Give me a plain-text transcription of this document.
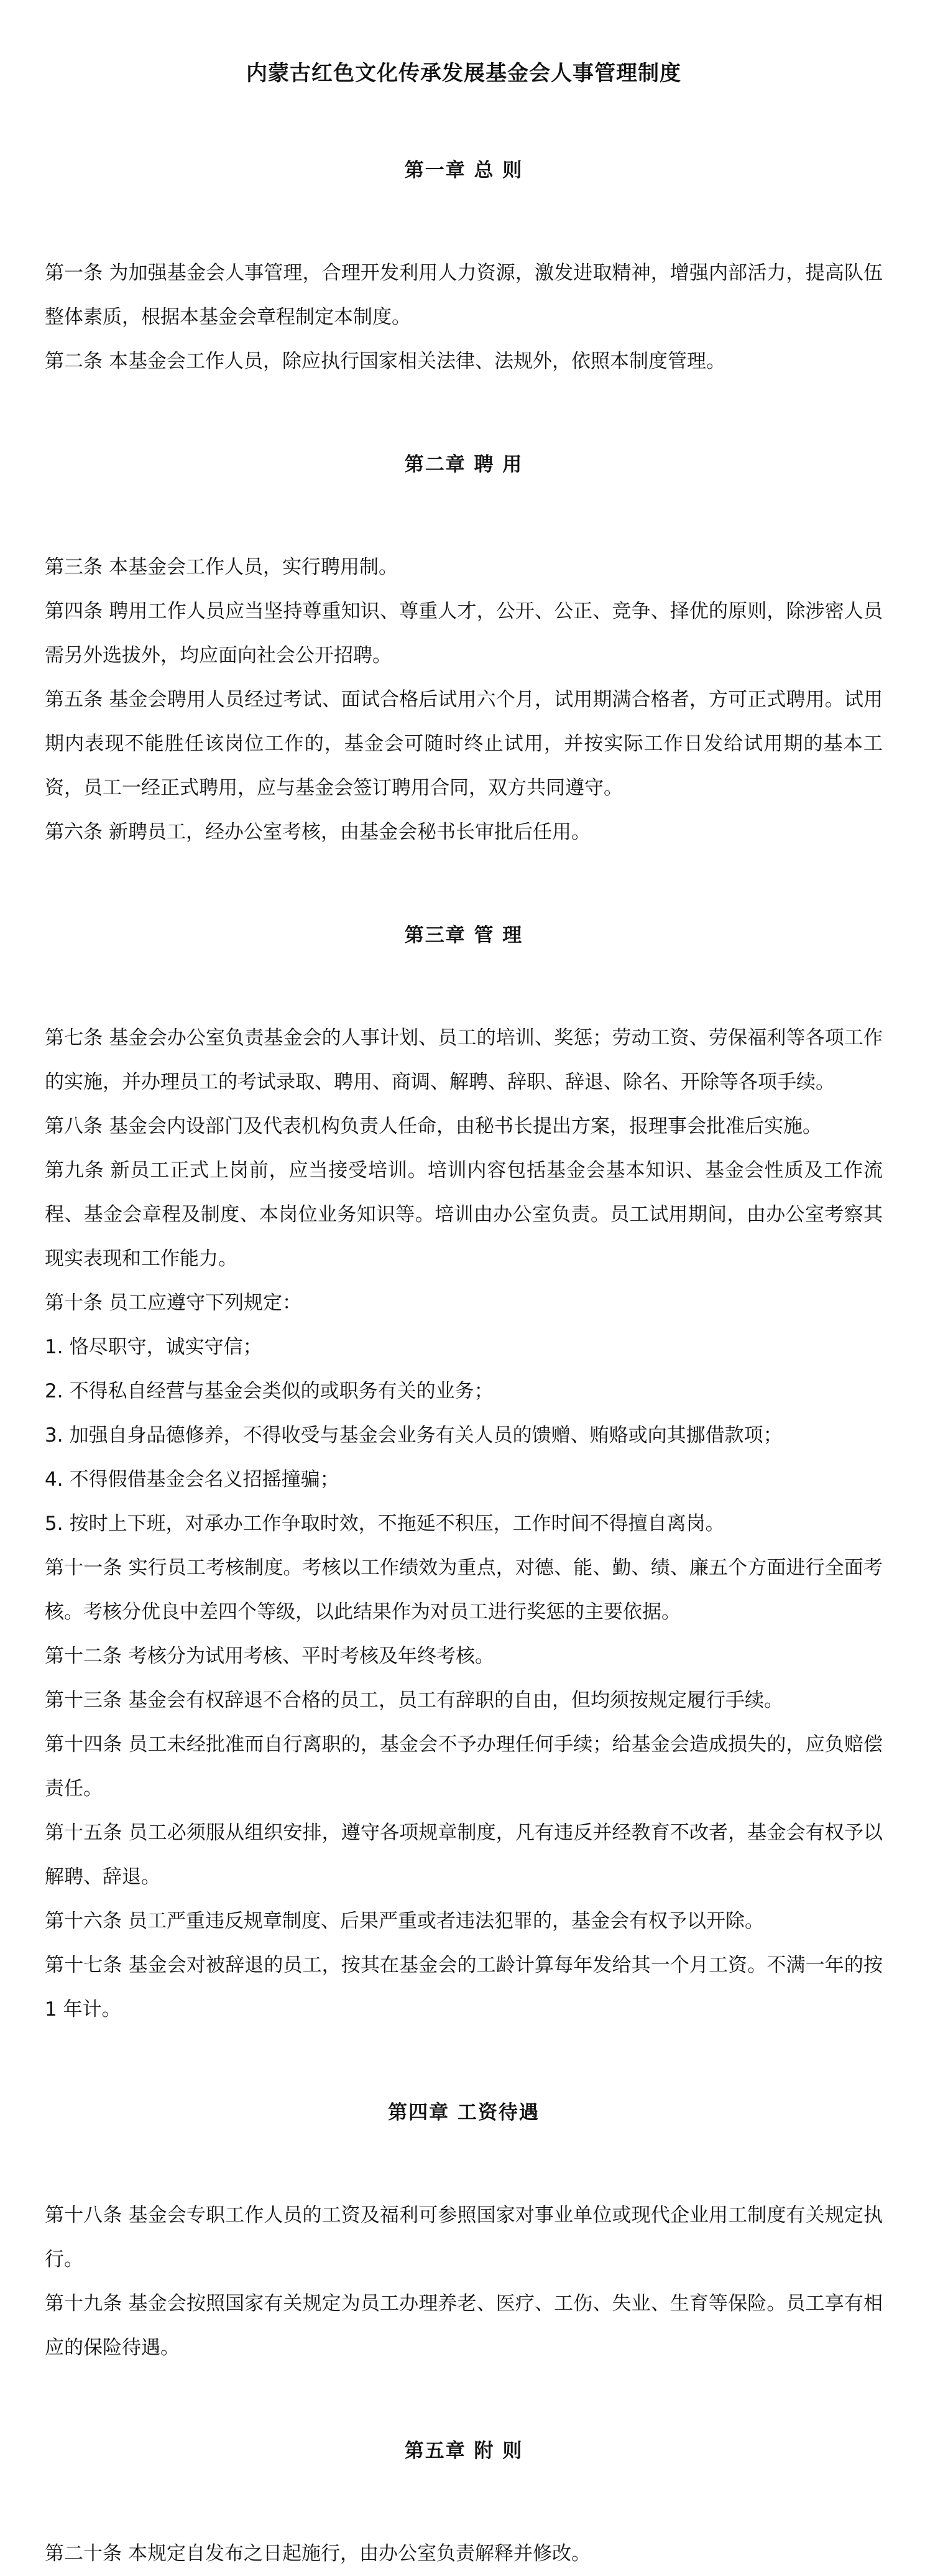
内蒙古红色文化传承发展基金会人事管理制度
第一章 总 则

第一条 为加强基金会人事管理，合理开发利用人力资源，激发进取精神，增强内部活力，提高队伍整体素质，根据本基金会章程制定本制度。

第二条 本基金会工作人员，除应执行国家相关法律、法规外，依照本制度管理。

第二章 聘 用

第三条 本基金会工作人员，实行聘用制。

第四条 聘用工作人员应当坚持尊重知识、尊重人才，公开、公正、竞争、择优的原则，除涉密人员需另外选拔外，均应面向社会公开招聘。

第五条 基金会聘用人员经过考试、面试合格后试用六个月，试用期满合格者，方可正式聘用。试用期内表现不能胜任该岗位工作的，基金会可随时终止试用，并按实际工作日发给试用期的基本工资，员工一经正式聘用，应与基金会签订聘用合同，双方共同遵守。

第六条 新聘员工，经办公室考核，由基金会秘书长审批后任用。

第三章 管 理

第七条 基金会办公室负责基金会的人事计划、员工的培训、奖惩；劳动工资、劳保福利等各项工作的实施，并办理员工的考试录取、聘用、商调、解聘、辞职、辞退、除名、开除等各项手续。

第八条 基金会内设部门及代表机构负责人任命，由秘书长提出方案，报理事会批准后实施。

第九条 新员工正式上岗前，应当接受培训。培训内容包括基金会基本知识、基金会性质及工作流程、基金会章程及制度、本岗位业务知识等。培训由办公室负责。员工试用期间，由办公室考察其现实表现和工作能力。

第十条 员工应遵守下列规定：

1. 恪尽职守，诚实守信；

2. 不得私自经营与基金会类似的或职务有关的业务；

3. 加强自身品德修养，不得收受与基金会业务有关人员的馈赠、贿赂或向其挪借款项；

4. 不得假借基金会名义招摇撞骗；

5. 按时上下班，对承办工作争取时效，不拖延不积压，工作时间不得擅自离岗。

第十一条 实行员工考核制度。考核以工作绩效为重点，对德、能、勤、绩、廉五个方面进行全面考核。考核分优良中差四个等级，以此结果作为对员工进行奖惩的主要依据。

第十二条 考核分为试用考核、平时考核及年终考核。

第十三条 基金会有权辞退不合格的员工，员工有辞职的自由，但均须按规定履行手续。

第十四条 员工未经批准而自行离职的，基金会不予办理任何手续；给基金会造成损失的，应负赔偿责任。

第十五条 员工必须服从组织安排，遵守各项规章制度，凡有违反并经教育不改者，基金会有权予以解聘、辞退。

第十六条 员工严重违反规章制度、后果严重或者违法犯罪的，基金会有权予以开除。

第十七条 基金会对被辞退的员工，按其在基金会的工龄计算每年发给其一个月工资。不满一年的按 1 年计。

第四章 工资待遇

第十八条 基金会专职工作人员的工资及福利可参照国家对事业单位或现代企业用工制度有关规定执行。

第十九条 基金会按照国家有关规定为员工办理养老、医疗、工伤、失业、生育等保险。员工享有相应的保险待遇。

第五章 附 则

第二十条 本规定自发布之日起施行，由办公室负责解释并修改。
